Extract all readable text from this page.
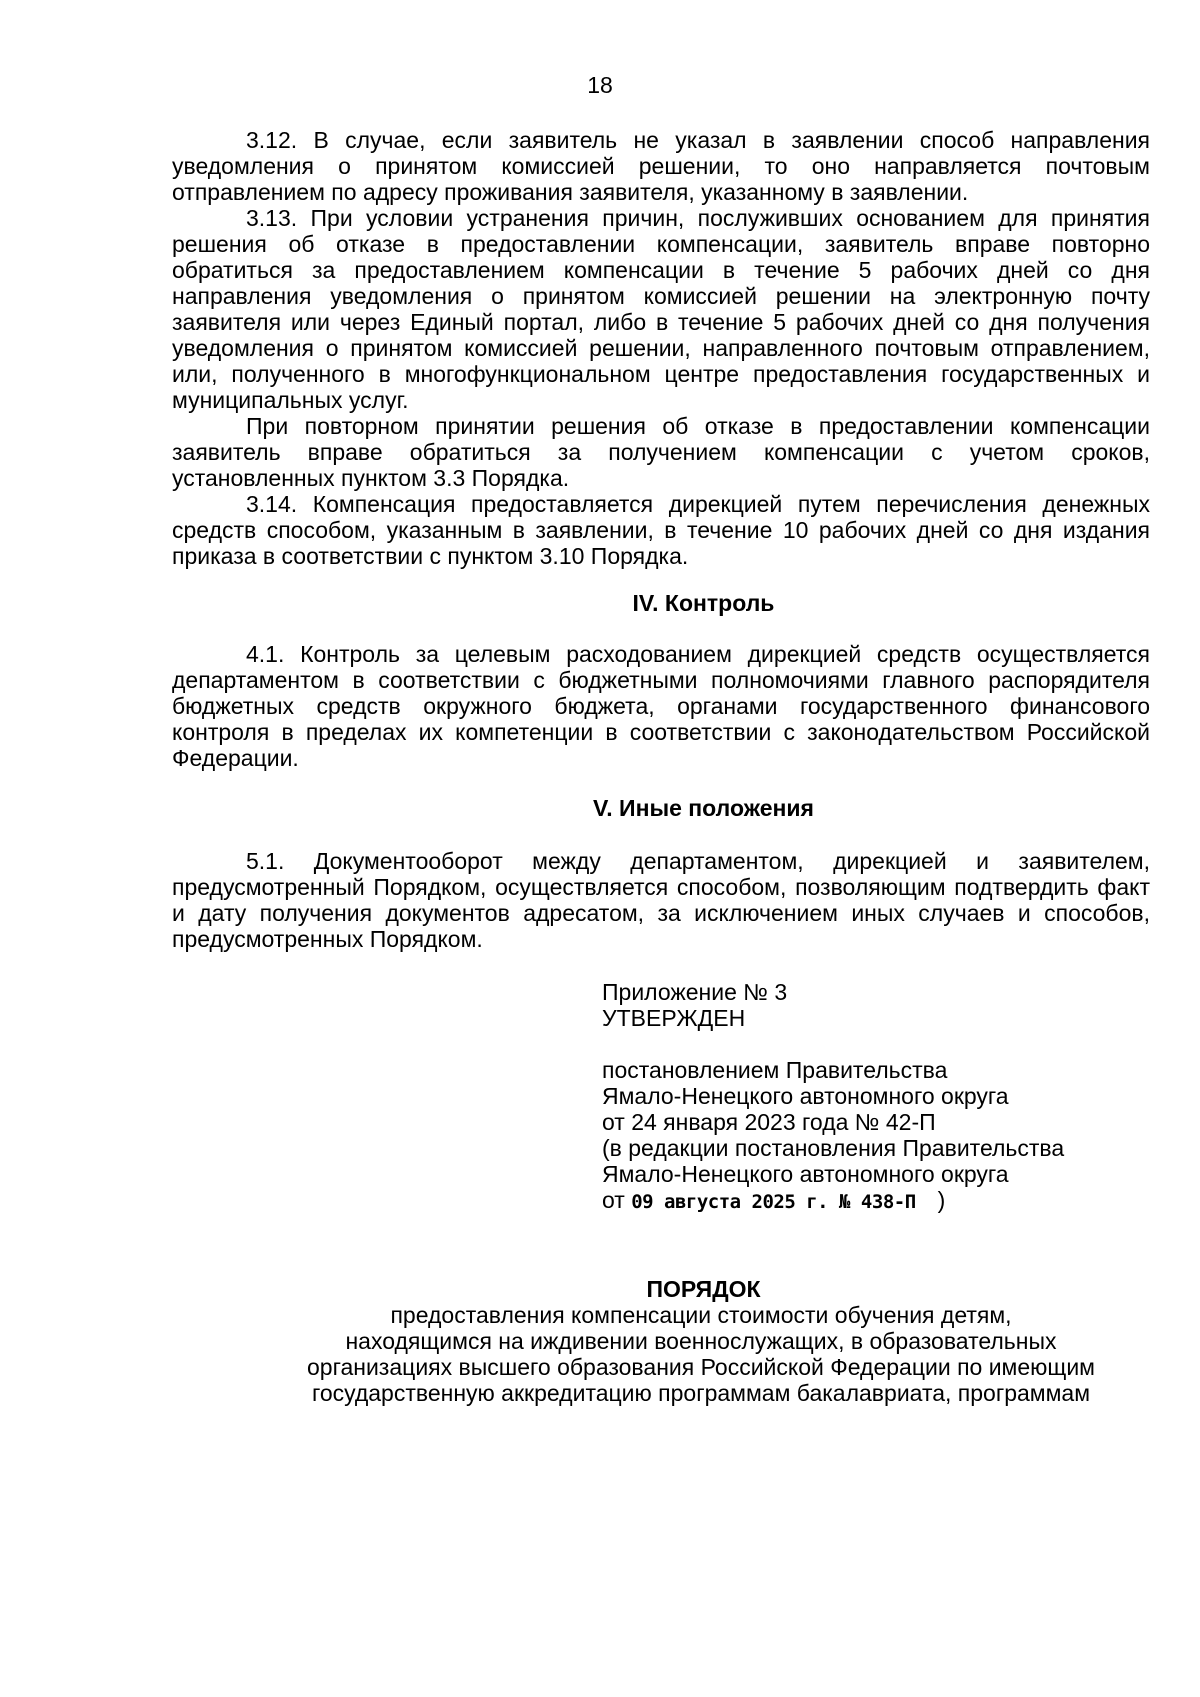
18

3.12. В случае, если заявитель не указал в заявлении способ направления уведомления о принятом комиссией решении, то оно направляется почтовым отправлением по адресу проживания заявителя, указанному в заявлении.

3.13. При условии устранения причин, послуживших основанием для принятия решения об отказе в предоставлении компенсации, заявитель вправе повторно обратиться за предоставлением компенсации в течение 5 рабочих дней со дня направления уведомления о принятом комиссией решении на электронную почту заявителя или через Единый портал, либо в течение 5 рабочих дней со дня получения уведомления о принятом комиссией решении, направленного почтовым отправлением, или, полученного в многофункциональном центре предоставления государственных и муниципальных услуг.

При повторном принятии решения об отказе в предоставлении компенсации заявитель вправе обратиться за получением компенсации с учетом сроков, установленных пунктом 3.3 Порядка.

3.14. Компенсация предоставляется дирекцией путем перечисления денежных средств способом, указанным в заявлении, в течение 10 рабочих дней со дня издания приказа в соответствии с пунктом 3.10 Порядка.

IV. Контроль

4.1. Контроль за целевым расходованием дирекцией средств осуществляется департаментом в соответствии с бюджетными полномочиями главного распорядителя бюджетных средств окружного бюджета, органами государственного финансового контроля в пределах их компетенции в соответствии с законодательством Российской Федерации.

V. Иные положения

5.1. Документооборот между департаментом, дирекцией и заявителем, предусмотренный Порядком, осуществляется способом, позволяющим подтвердить факт и дату получения документов адресатом, за исключением иных случаев и способов, предусмотренных Порядком.

Приложение № 3
УТВЕРЖДЕН
постановлением Правительства
Ямало-Ненецкого автономного округа
от 24 января 2023 года № 42-П
(в редакции постановления Правительства
Ямало-Ненецкого автономного округа
от 09 августа 2025 г. № 438-П )

ПОРЯДОК

предоставления компенсации стоимости обучения детям,

находящимся на иждивении военнослужащих, в образовательных

организациях высшего образования Российской Федерации по имеющим

государственную аккредитацию программам бакалавриата, программам
